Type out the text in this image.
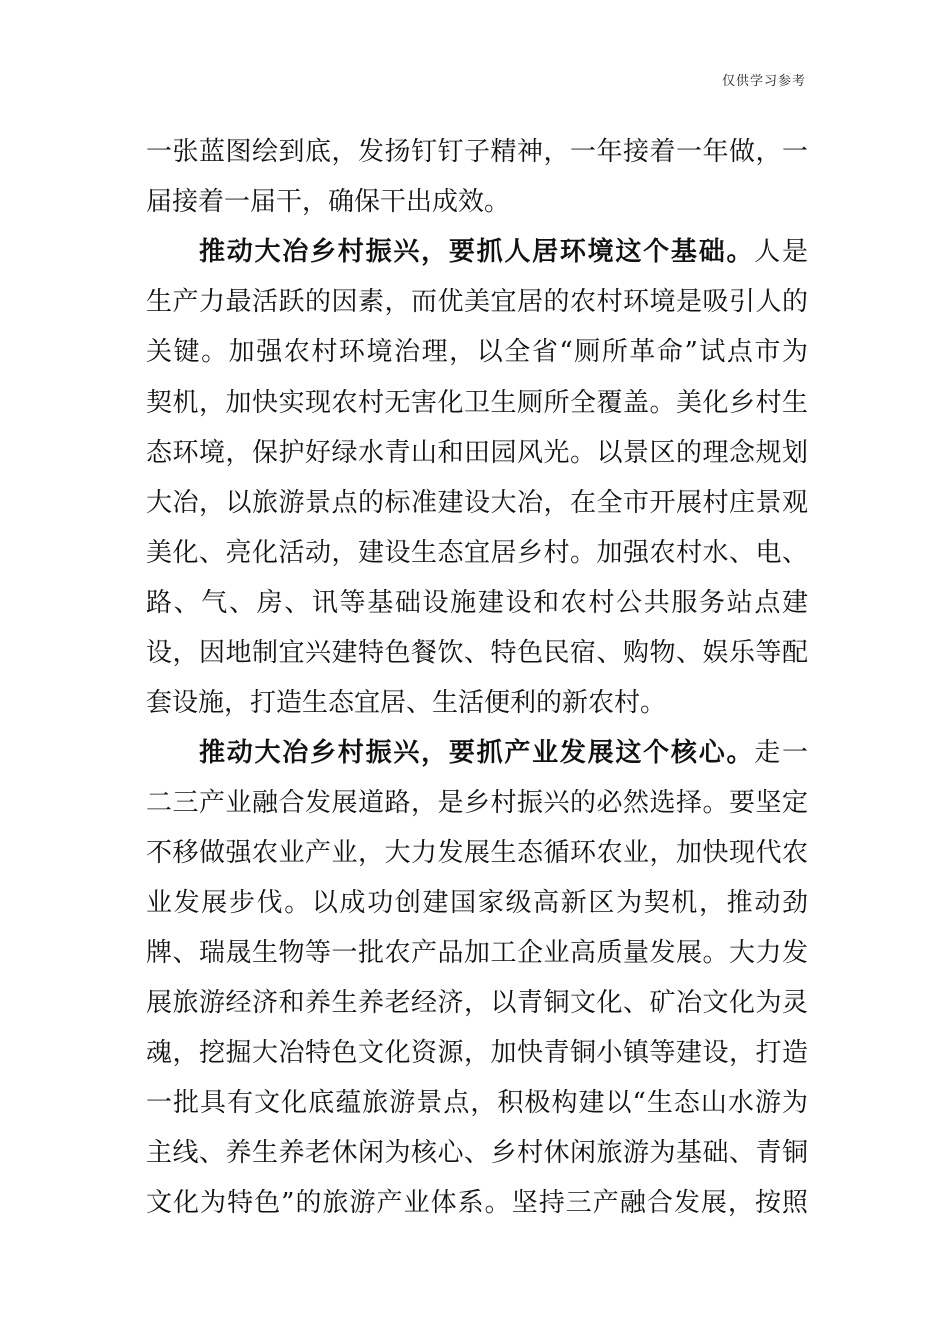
仅供学习参考
一张蓝图绘到底，发扬钉钉子精神，一年接着一年做，一
届接着一届干，确保干出成效。
推动大冶乡村振兴，要抓人居环境这个基础。人是
生产力最活跃的因素，而优美宜居的农村环境是吸引人的
关键。加强农村环境治理，以全省“厕所革命”试点市为
契机，加快实现农村无害化卫生厕所全覆盖。美化乡村生
态环境，保护好绿水青山和田园风光。以景区的理念规划
大冶，以旅游景点的标准建设大冶，在全市开展村庄景观
美化、亮化活动，建设生态宜居乡村。加强农村水、电、
路、气、房、讯等基础设施建设和农村公共服务站点建
设，因地制宜兴建特色餐饮、特色民宿、购物、娱乐等配
套设施，打造生态宜居、生活便利的新农村。
推动大冶乡村振兴，要抓产业发展这个核心。走一
二三产业融合发展道路，是乡村振兴的必然选择。要坚定
不移做强农业产业，大力发展生态循环农业，加快现代农
业发展步伐。以成功创建国家级高新区为契机，推动劲
牌、瑞晟生物等一批农产品加工企业高质量发展。大力发
展旅游经济和养生养老经济，以青铜文化、矿冶文化为灵
魂，挖掘大冶特色文化资源，加快青铜小镇等建设，打造
一批具有文化底蕴旅游景点，积极构建以“生态山水游为
主线、养生养老休闲为核心、乡村休闲旅游为基础、青铜
文化为特色”的旅游产业体系。坚持三产融合发展，按照
